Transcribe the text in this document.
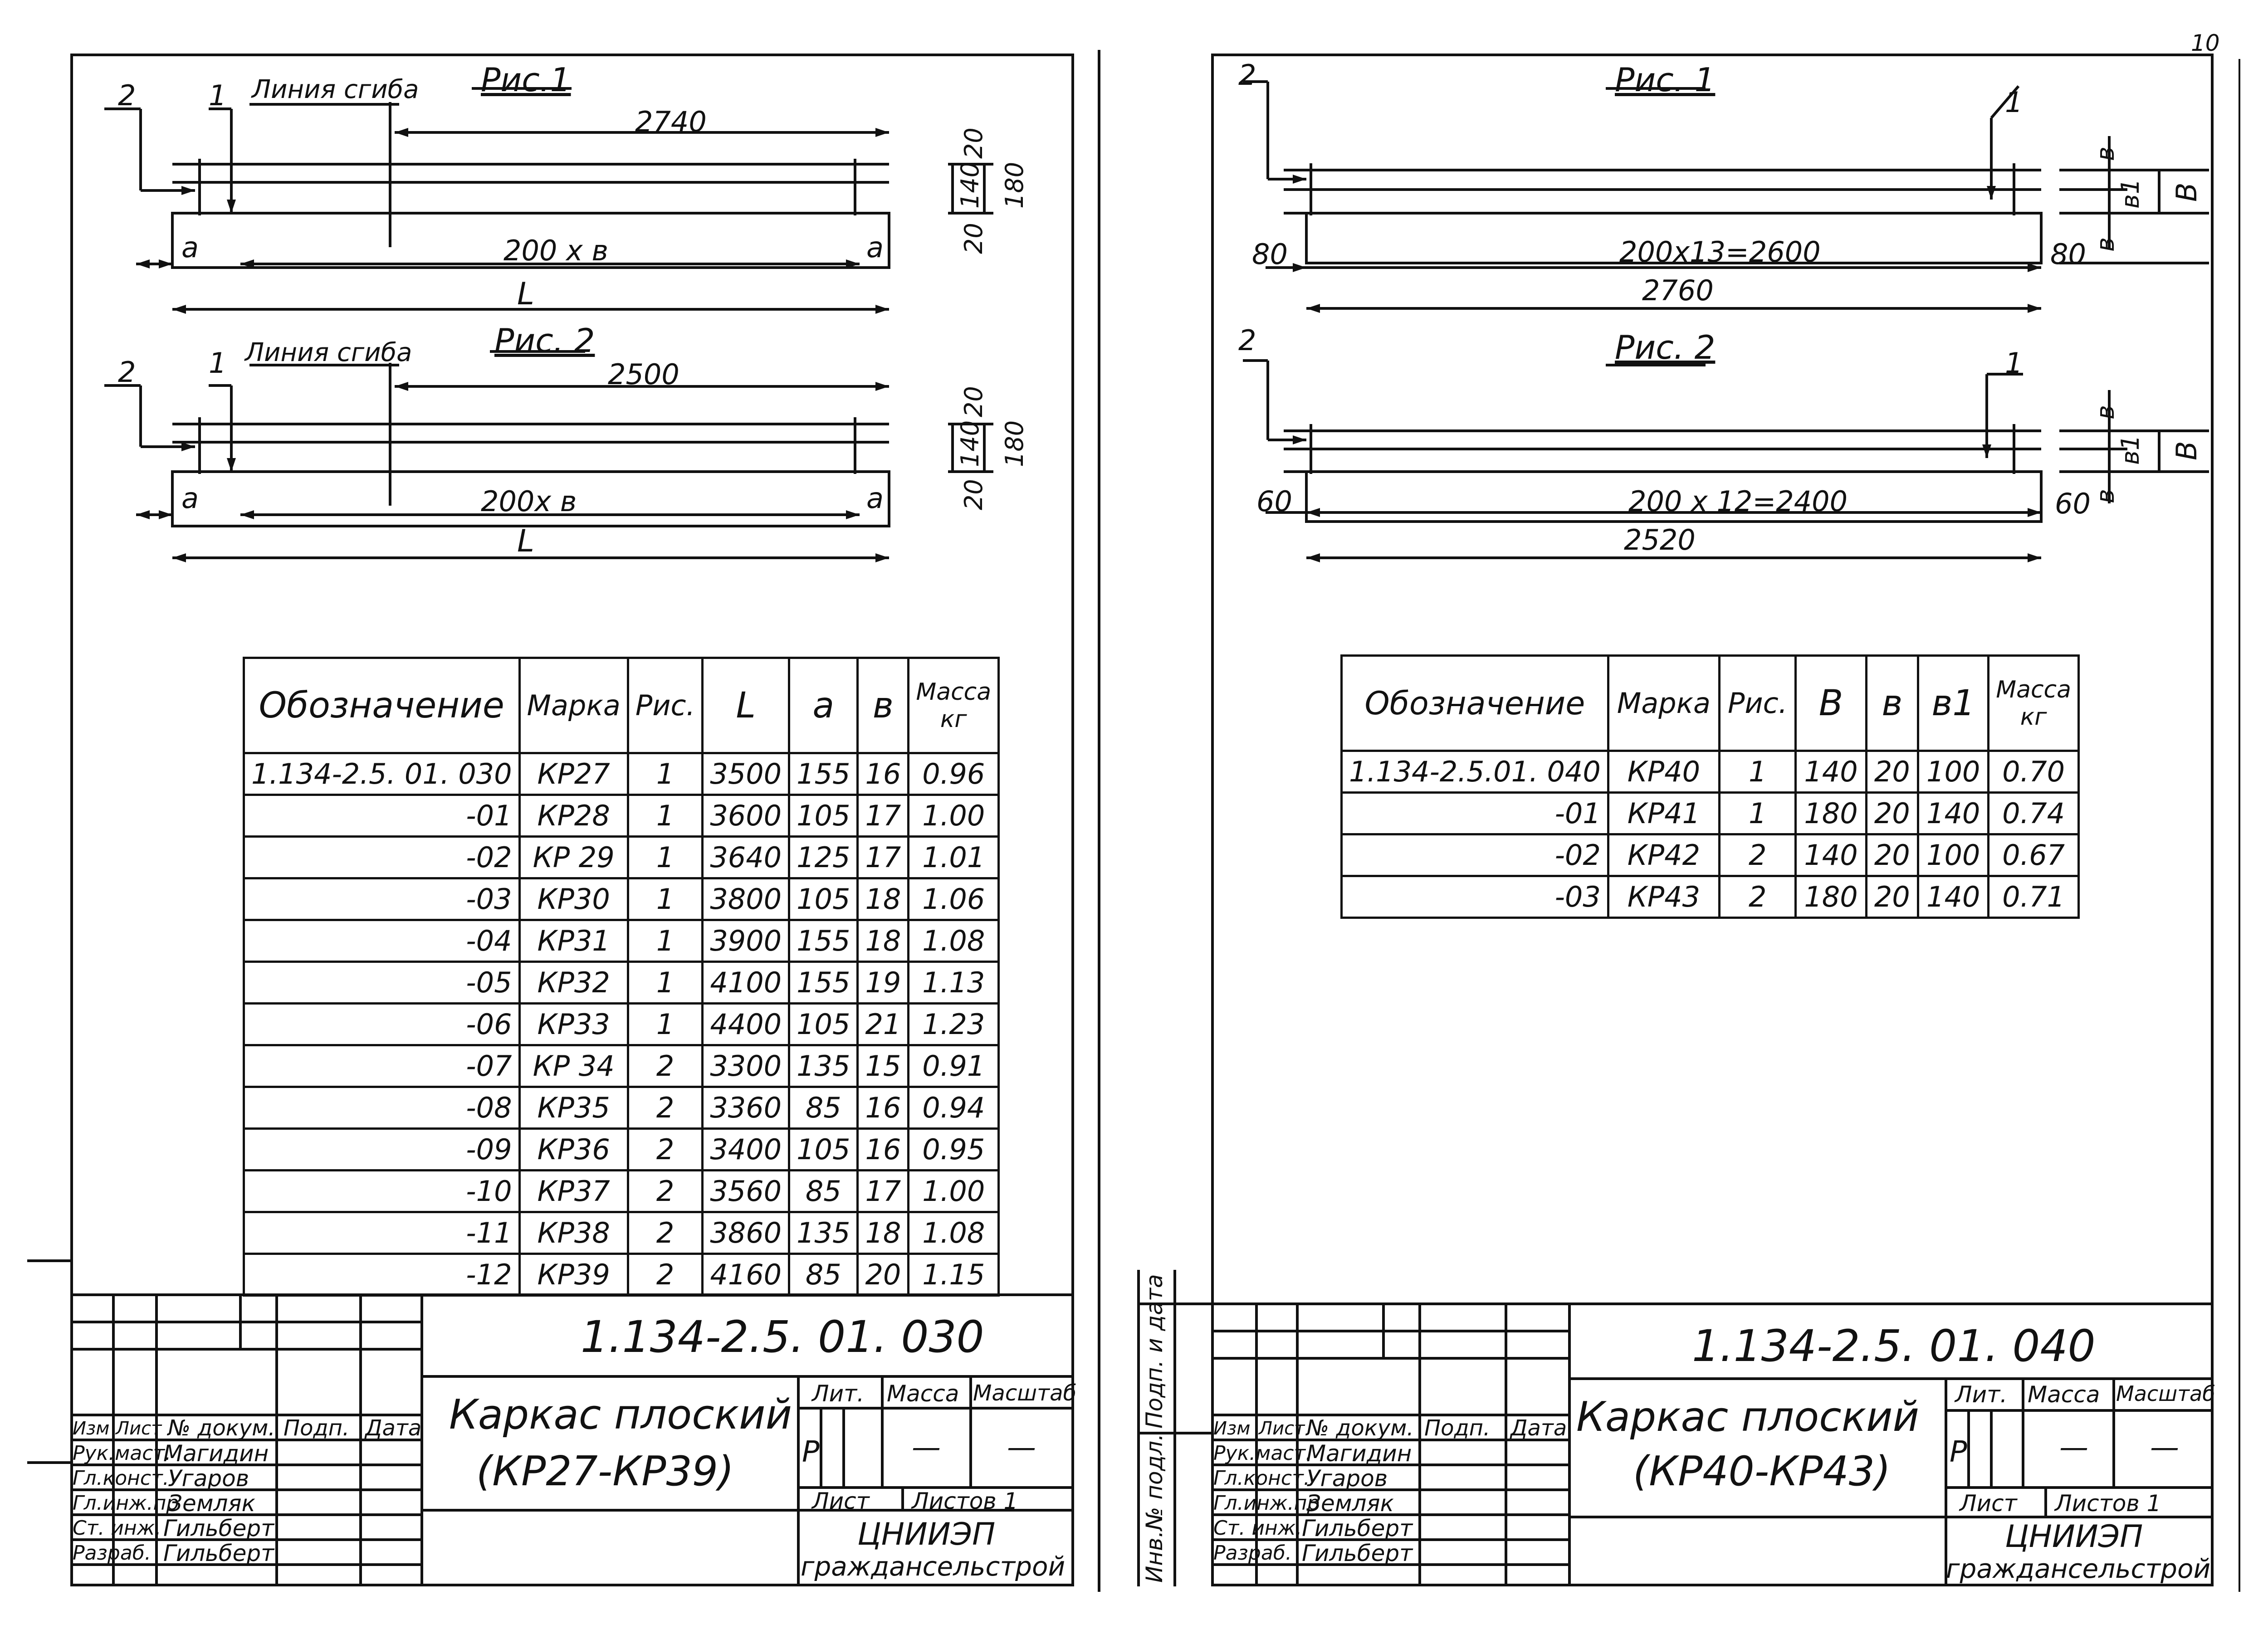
10
Рис.1
2	1 Линия сгиба
2740
а	200 х в	а
L
20
140
20
180
Рис. 2
2	1 Линия сгиба
2500
а	200х в	а
L
20
140
20
180
Обозначение	Марка	Рис.	L	а	в	Масса кг
1.134-2.5. 01. 030	КР27	1	3500	155	16	0.96
-01	КР28	1	3600	105	17	1.00
-02	КР 29	1	3640	125	17	1.01
-03	КР30	1	3800	105	18	1.06
-04	КР31	1	3900	155	18	1.08
-05	КР32	1	4100	155	19	1.13
-06	КР33	1	4400	105	21	1.23
-07	КР 34	2	3300	135	15	0.91
-08	КР35	2	3360	85	16	0.94
-09	КР36	2	3400	105	16	0.95
-10	КР37	2	3560	85	17	1.00
-11	КР38	2	3860	135	18	1.08
-12	КР39	2	4160	85	20	1.15
1.134-2.5. 01. 030
Каркас плоский
(КР27-КР39)
Изм Лист № докум. Подп. Дата
Рук.маст.
Гл.конст.
Гл.инж.пр
Ст. инж.
Разраб.
Магидин
Угаров
Земляк
Гильберт
Гильберт
Лит. Масса Масштаб
Р	— —
Лист Листов 1
ЦНИИЭП
граждансельстрой
Рис. 1
2
1
80	200х13=2600	80
2760
в
в1
в
В
Рис. 2
2
1
60	200 х 12=2400	60
2520
в
в1
в
В
Обозначение	Марка	Рис.	В	в	в1	Масса кг
1.134-2.5.01. 040	КР40	1	140	20	100	0.70
-01	КР41	1	180	20	140	0.74
-02	КР42	2	140	20	100	0.67
-03	КР43	2	180	20	140	0.71
Подп. и дата
Инв.№ подл.
1.134-2.5. 01. 040
Каркас плоский
(КР40-КР43)
Изм Лист № докум. Подп. Дата
Рук.маст.
Гл.конст.
Гл.инж.пр
Ст. инж.
Разраб.
Магидин
Угаров
Земляк
Гильберт
Гильберт
Лит. Масса Масштаб
Р	— —
Лист Листов 1
ЦНИИЭП
граждансельстрой
